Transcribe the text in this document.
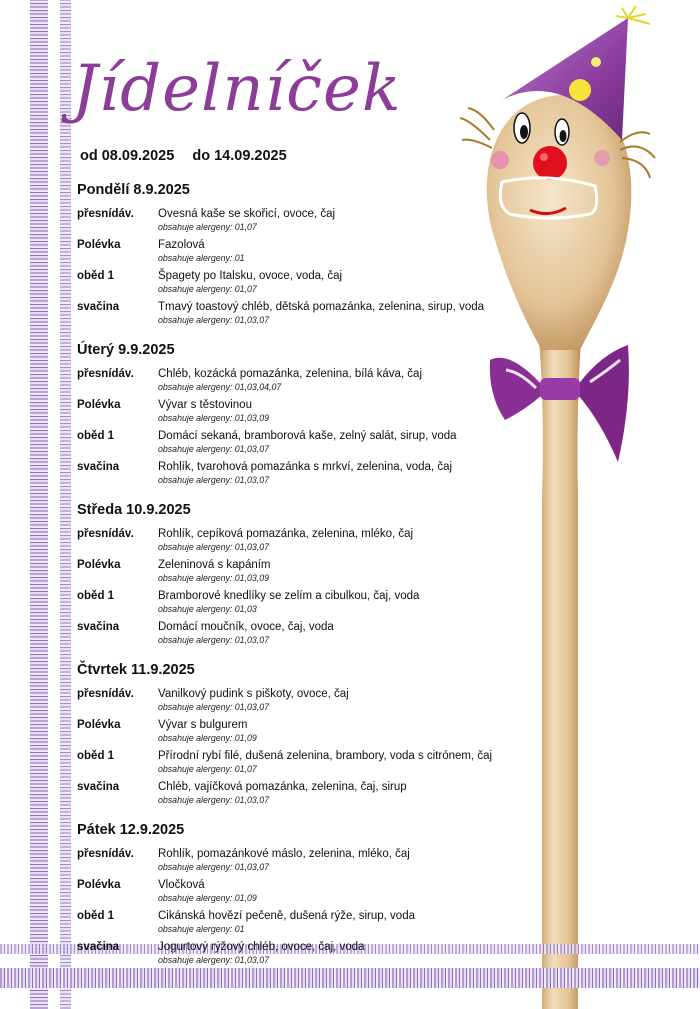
Jídelníček
od 08.09.2025 do 14.09.2025
Pondělí 8.9.2025
přesnídáv.	Ovesná kaše se skořicí, ovoce, čaj
obsahuje alergeny: 01,07
Polévka	Fazolová
obsahuje alergeny: 01
oběd 1	Špagety po Italsku, ovoce, voda, čaj
obsahuje alergeny: 01,07
svačina	Tmavý toastový chléb, dětská pomazánka, zelenina, sirup, voda
obsahuje alergeny: 01,03,07
Úterý 9.9.2025
přesnídáv.	Chléb, kozácká pomazánka, zelenina, bílá káva, čaj
obsahuje alergeny: 01,03,04,07
Polévka	Vývar s těstovinou
obsahuje alergeny: 01,03,09
oběd 1	Domácí sekaná, bramborová kaše, zelný salát, sirup, voda
obsahuje alergeny: 01,03,07
svačina	Rohlík, tvarohová pomazánka s mrkví, zelenina, voda, čaj
obsahuje alergeny: 01,03,07
Středa 10.9.2025
přesnídáv.	Rohlík, cepíková pomazánka, zelenina, mléko, čaj
obsahuje alergeny: 01,03,07
Polévka	Zeleninová s kapáním
obsahuje alergeny: 01,03,09
oběd 1	Bramborové knedlíky se zelím a cibulkou, čaj, voda
obsahuje alergeny: 01,03
svačina	Domácí moučník, ovoce, čaj, voda
obsahuje alergeny: 01,03,07
Čtvrtek 11.9.2025
přesnídáv.	Vanilkový pudink s piškoty, ovoce, čaj
obsahuje alergeny: 01,03,07
Polévka	Vývar s bulgurem
obsahuje alergeny: 01,09
oběd 1	Přírodní rybí filé, dušená zelenina, brambory, voda s citrónem, čaj
obsahuje alergeny: 01,07
svačina	Chléb, vajíčková pomazánka, zelenina, čaj, sirup
obsahuje alergeny: 01,03,07
Pátek 12.9.2025
přesnídáv.	Rohlík, pomazánkové máslo, zelenina, mléko, čaj
obsahuje alergeny: 01,03,07
Polévka	Vločková
obsahuje alergeny: 01,09
oběd 1	Cikánská hovězí pečeně, dušená rýže, sirup, voda
obsahuje alergeny: 01
svačina	Jogurtový rýžový chléb, ovoce, čaj, voda
obsahuje alergeny: 01,03,07
